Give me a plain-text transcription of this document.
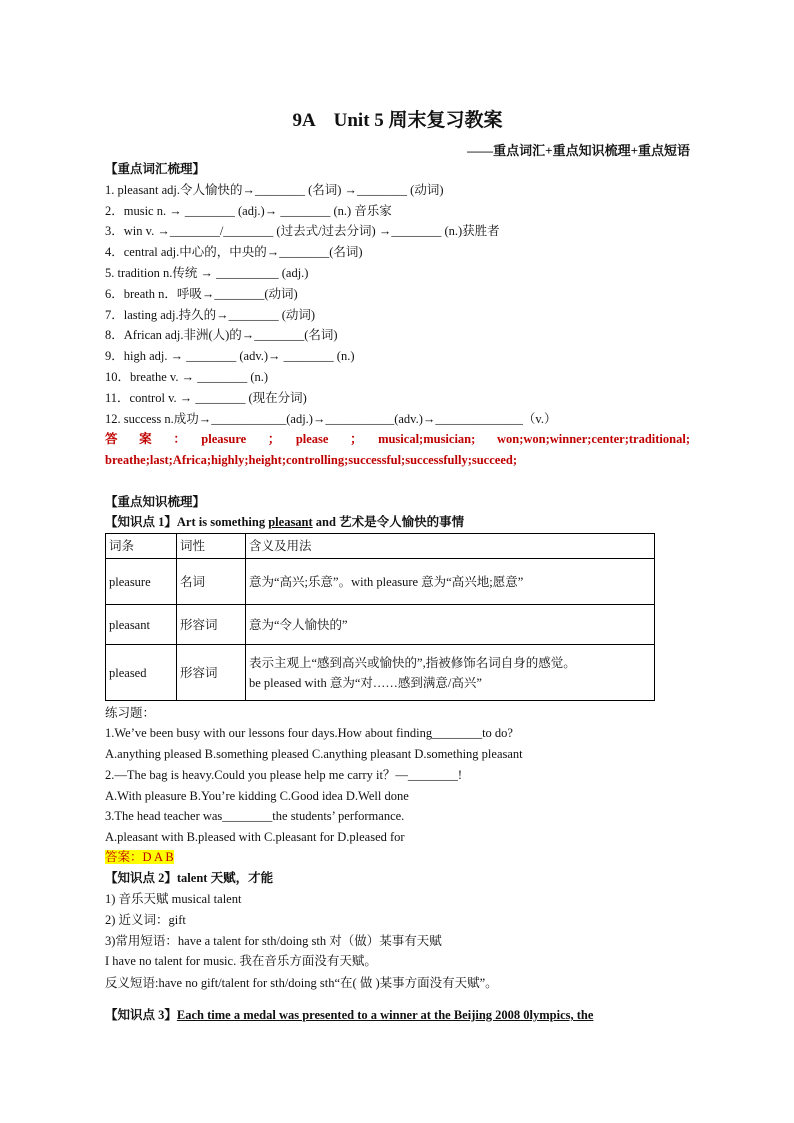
9A　Unit 5 周末复习教案
——重点词汇+重点知识梳理+重点短语
【重点词汇梳理】
1. pleasant adj.令人愉快的→________ (名词) →________ (动词)
2．music n. → ________ (adj.)→ ________ (n.) 音乐家
3．win v. →________/________ (过去式/过去分词) →________ (n.)获胜者
4．central adj.中心的，中央的→________(名词)
5. tradition n.传统 → __________ (adj.)
6．breath n．呼吸→________(动词)
7．lasting adj.持久的→________ (动词)
8．African adj.非洲(人)的→________(名词)
9．high adj. → ________ (adv.)→ ________ (n.)
10．breathe v. → ________ (n.)
11．control v. → ________ (现在分词)
12. success n.成功→____________(adj.)→___________(adv.)→______________（v.）
答　案　：　pleasure　；　please　；　musical;musician;　won;won;winner;center;traditional; breathe;last;Africa;highly;height;controlling;successful;successfully;succeed;
【重点知识梳理】
【知识点 1】Art is something pleasant and 艺术是令人愉快的事情
词条	词性	含义及用法
pleasure	名词	意为“高兴;乐意”。with pleasure 意为“高兴地;愿意”
pleasant	形容词	意为“令人愉快的”
pleased	形容词	表示主观上“感到高兴或愉快的”,指被修饰名词自身的感觉。
be pleased with 意为“对……感到满意/高兴”
练习题：
1.We’ve been busy with our lessons four days.How about finding________to do?
A.anything pleased B.something pleased C.anything pleasant D.something pleasant
2.—The bag is heavy.Could you please help me carry it？—________!
A.With pleasure B.You’re kidding C.Good idea D.Well done
3.The head teacher was________the students’ performance.
A.pleasant with B.pleased with C.pleasant for D.pleased for
答案：D A B
【知识点 2】talent 天赋，才能
1) 音乐天赋 musical talent
2) 近义词：gift
3)常用短语：have a talent for sth/doing sth 对（做）某事有天赋
I have no talent for music. 我在音乐方面没有天赋。
反义短语:have no gift/talent for sth/doing sth“在( 做 )某事方面没有天赋”。
【知识点 3】Each time a medal was presented to a winner at the Beijing 2008 0lympics, the
